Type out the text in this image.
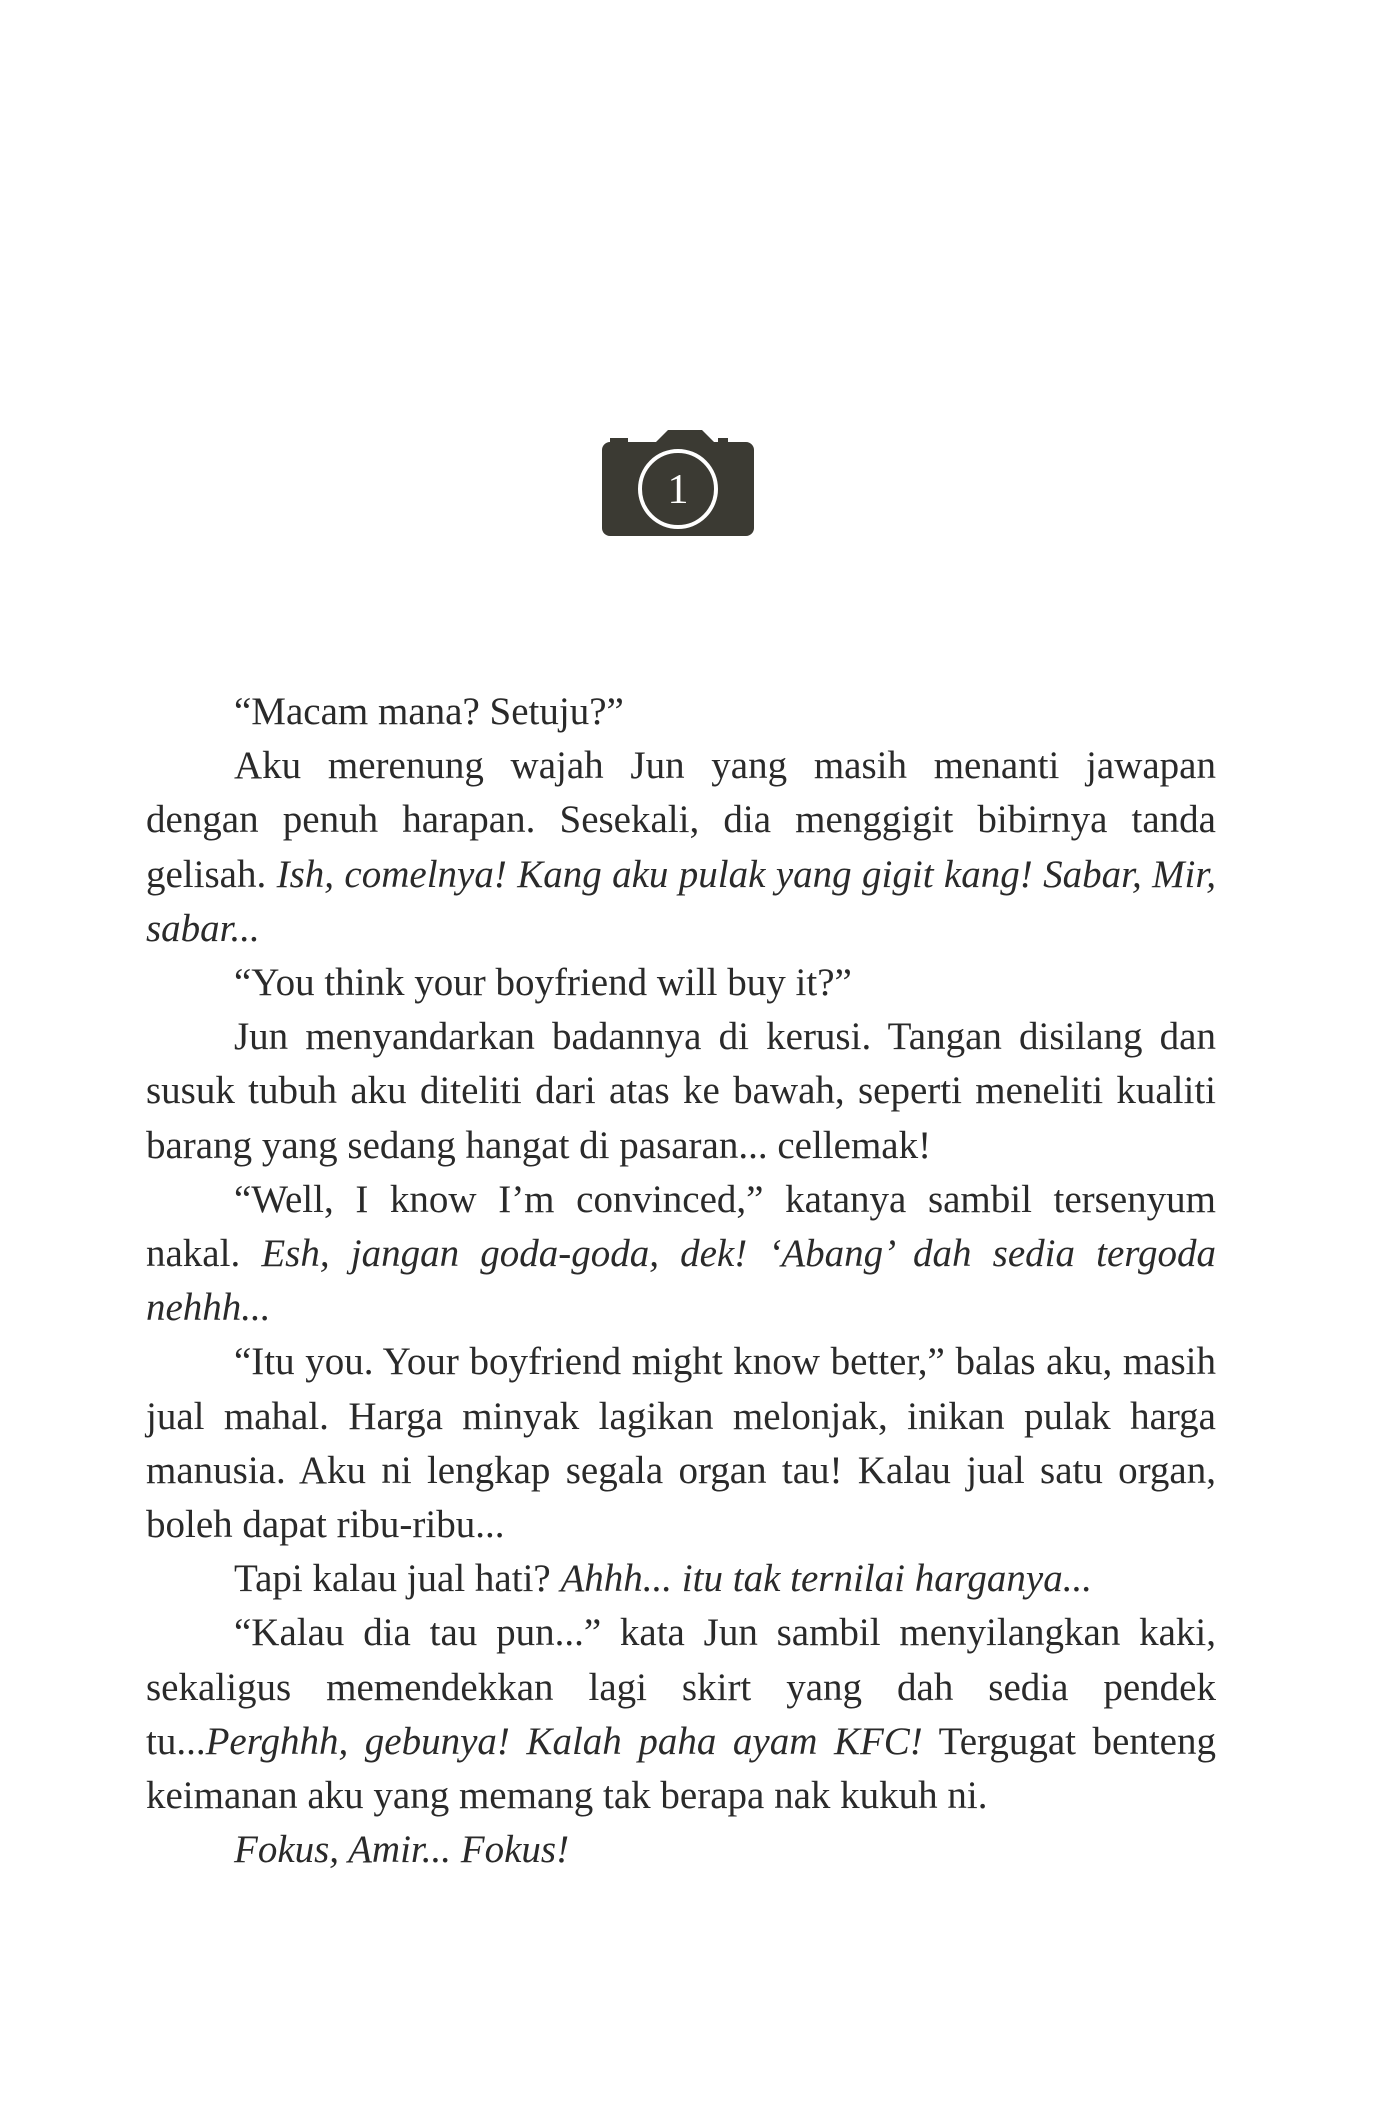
1

“Macam mana? Setuju?”

Aku merenung wajah Jun yang masih menanti jawapan dengan penuh harapan. Sesekali, dia menggigit bibirnya tanda gelisah. Ish, comelnya! Kang aku pulak yang gigit kang! Sabar, Mir, sabar...

“You think your boyfriend will buy it?”

Jun menyandarkan badannya di kerusi. Tangan disilang dan susuk tubuh aku diteliti dari atas ke bawah, seperti meneliti kualiti barang yang sedang hangat di pasaran... cellemak!

“Well, I know I’m convinced,” katanya sambil tersenyum nakal. Esh, jangan goda-goda, dek! ‘Abang’ dah sedia tergoda nehhh...

“Itu you. Your boyfriend might know better,” balas aku, masih jual mahal. Harga minyak lagikan melonjak, inikan pulak harga manusia. Aku ni lengkap segala organ tau! Kalau jual satu organ, boleh dapat ribu-ribu...

Tapi kalau jual hati? Ahhh... itu tak ternilai harganya...

“Kalau dia tau pun...” kata Jun sambil menyilangkan kaki, sekaligus memendekkan lagi skirt yang dah sedia pendek tu...Perghhh, gebunya! Kalah paha ayam KFC! Tergugat benteng keimanan aku yang memang tak berapa nak kukuh ni.

Fokus, Amir... Fokus!
